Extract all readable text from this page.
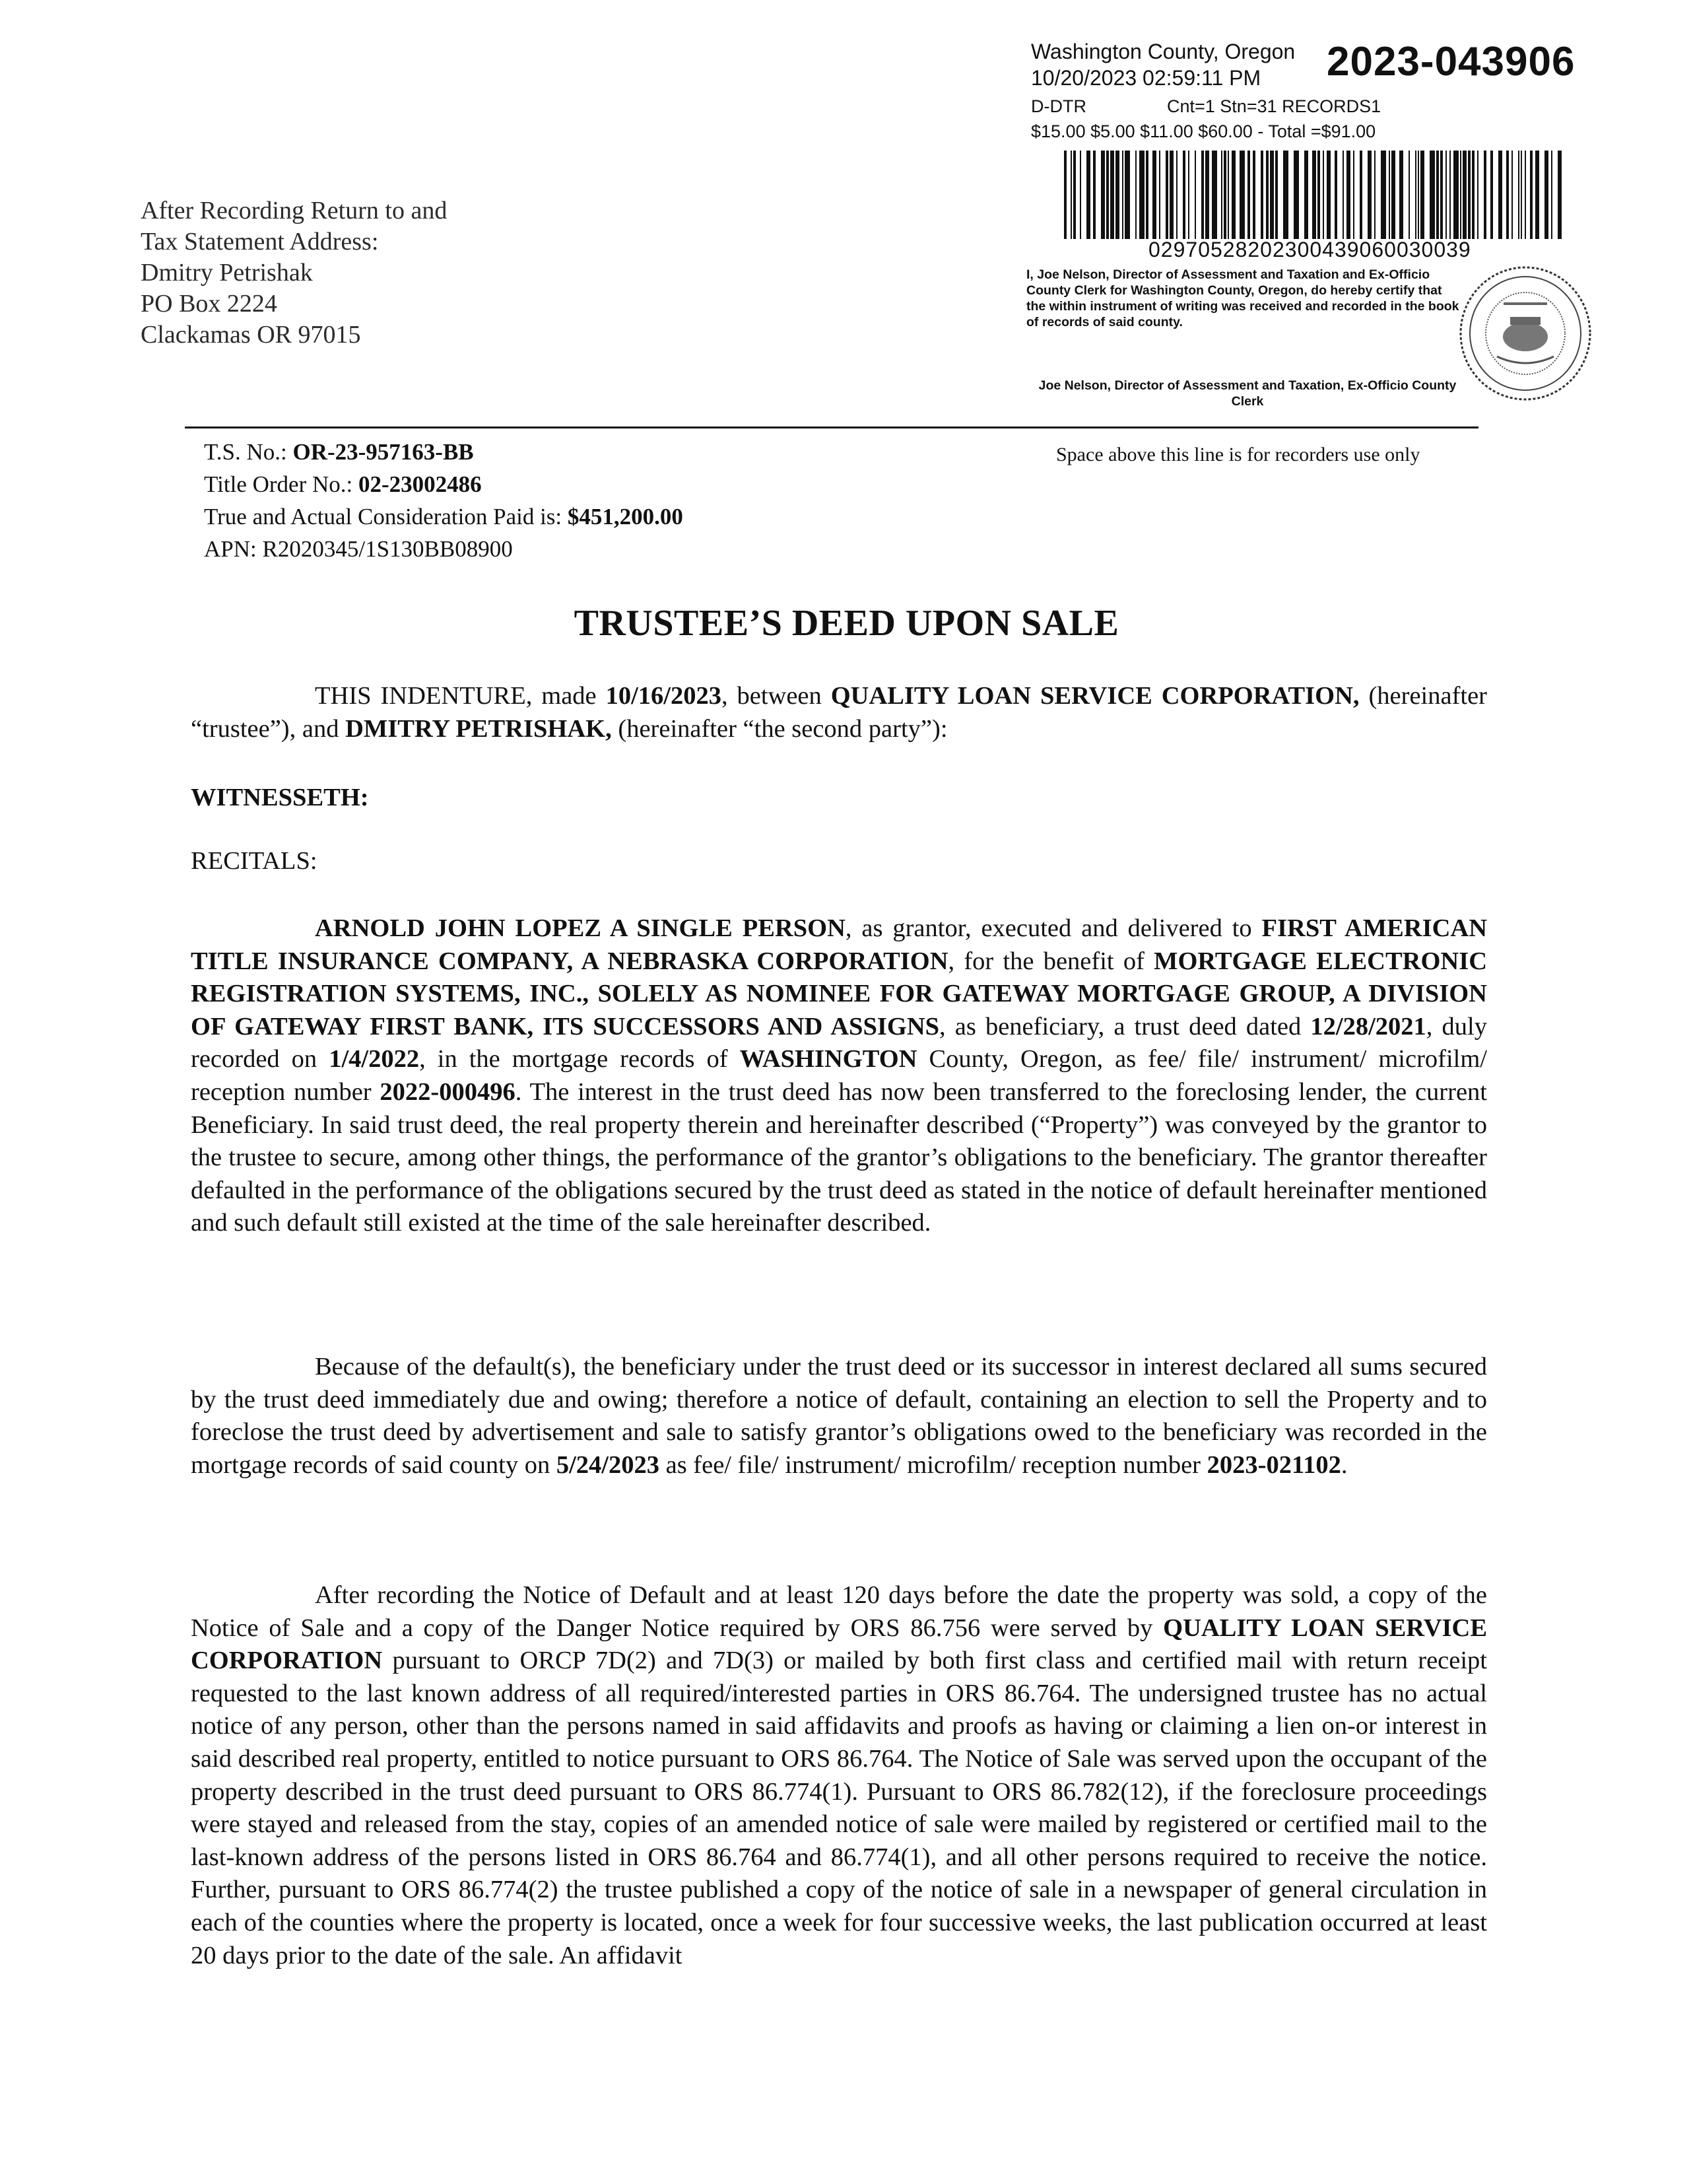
Washington County, Oregon
10/20/2023 02:59:11 PM 2023-043906
D-DTR	Cnt=1 Stn=31 RECORDS1
$15.00 $5.00 $11.00 $60.00 - Total =$91.00
02970528202300439060030039
I, Joe Nelson, Director of Assessment and Taxation and Ex-Officio County Clerk for Washington County, Oregon, do hereby certify that the within instrument of writing was received and recorded in the book of records of said county.
Joe Nelson, Director of Assessment and Taxation, Ex-Officio County Clerk
After Recording Return to and
Tax Statement Address:
Dmitry Petrishak
PO Box 2224
Clackamas OR 97015
Space above this line is for recorders use only
T.S. No.: OR-23-957163-BB
Title Order No.: 02-23002486
True and Actual Consideration Paid is: $451,200.00
APN: R2020345/1S130BB08900
TRUSTEE’S DEED UPON SALE
THIS INDENTURE, made 10/16/2023, between QUALITY LOAN SERVICE CORPORATION, (hereinafter “trustee”), and DMITRY PETRISHAK, (hereinafter “the second party”):
WITNESSETH:
RECITALS:
ARNOLD JOHN LOPEZ A SINGLE PERSON, as grantor, executed and delivered to FIRST AMERICAN TITLE INSURANCE COMPANY, A NEBRASKA CORPORATION, for the benefit of MORTGAGE ELECTRONIC REGISTRATION SYSTEMS, INC., SOLELY AS NOMINEE FOR GATEWAY MORTGAGE GROUP, A DIVISION OF GATEWAY FIRST BANK, ITS SUCCESSORS AND ASSIGNS, as beneficiary, a trust deed dated 12/28/2021, duly recorded on 1/4/2022, in the mortgage records of WASHINGTON County, Oregon, as fee/ file/ instrument/ microfilm/ reception number 2022-000496. The interest in the trust deed has now been transferred to the foreclosing lender, the current Beneficiary. In said trust deed, the real property therein and hereinafter described (“Property”) was conveyed by the grantor to the trustee to secure, among other things, the performance of the grantor’s obligations to the beneficiary. The grantor thereafter defaulted in the performance of the obligations secured by the trust deed as stated in the notice of default hereinafter mentioned and such default still existed at the time of the sale hereinafter described.
Because of the default(s), the beneficiary under the trust deed or its successor in interest declared all sums secured by the trust deed immediately due and owing; therefore a notice of default, containing an election to sell the Property and to foreclose the trust deed by advertisement and sale to satisfy grantor’s obligations owed to the beneficiary was recorded in the mortgage records of said county on 5/24/2023 as fee/ file/ instrument/ microfilm/ reception number 2023-021102.
After recording the Notice of Default and at least 120 days before the date the property was sold, a copy of the Notice of Sale and a copy of the Danger Notice required by ORS 86.756 were served by QUALITY LOAN SERVICE CORPORATION pursuant to ORCP 7D(2) and 7D(3) or mailed by both first class and certified mail with return receipt requested to the last known address of all required/interested parties in ORS 86.764. The undersigned trustee has no actual notice of any person, other than the persons named in said affidavits and proofs as having or claiming a lien on-or interest in said described real property, entitled to notice pursuant to ORS 86.764. The Notice of Sale was served upon the occupant of the property described in the trust deed pursuant to ORS 86.774(1). Pursuant to ORS 86.782(12), if the foreclosure proceedings were stayed and released from the stay, copies of an amended notice of sale were mailed by registered or certified mail to the last-known address of the persons listed in ORS 86.764 and 86.774(1), and all other persons required to receive the notice. Further, pursuant to ORS 86.774(2) the trustee published a copy of the notice of sale in a newspaper of general circulation in each of the counties where the property is located, once a week for four successive weeks, the last publication occurred at least 20 days prior to the date of the sale. An affidavit
